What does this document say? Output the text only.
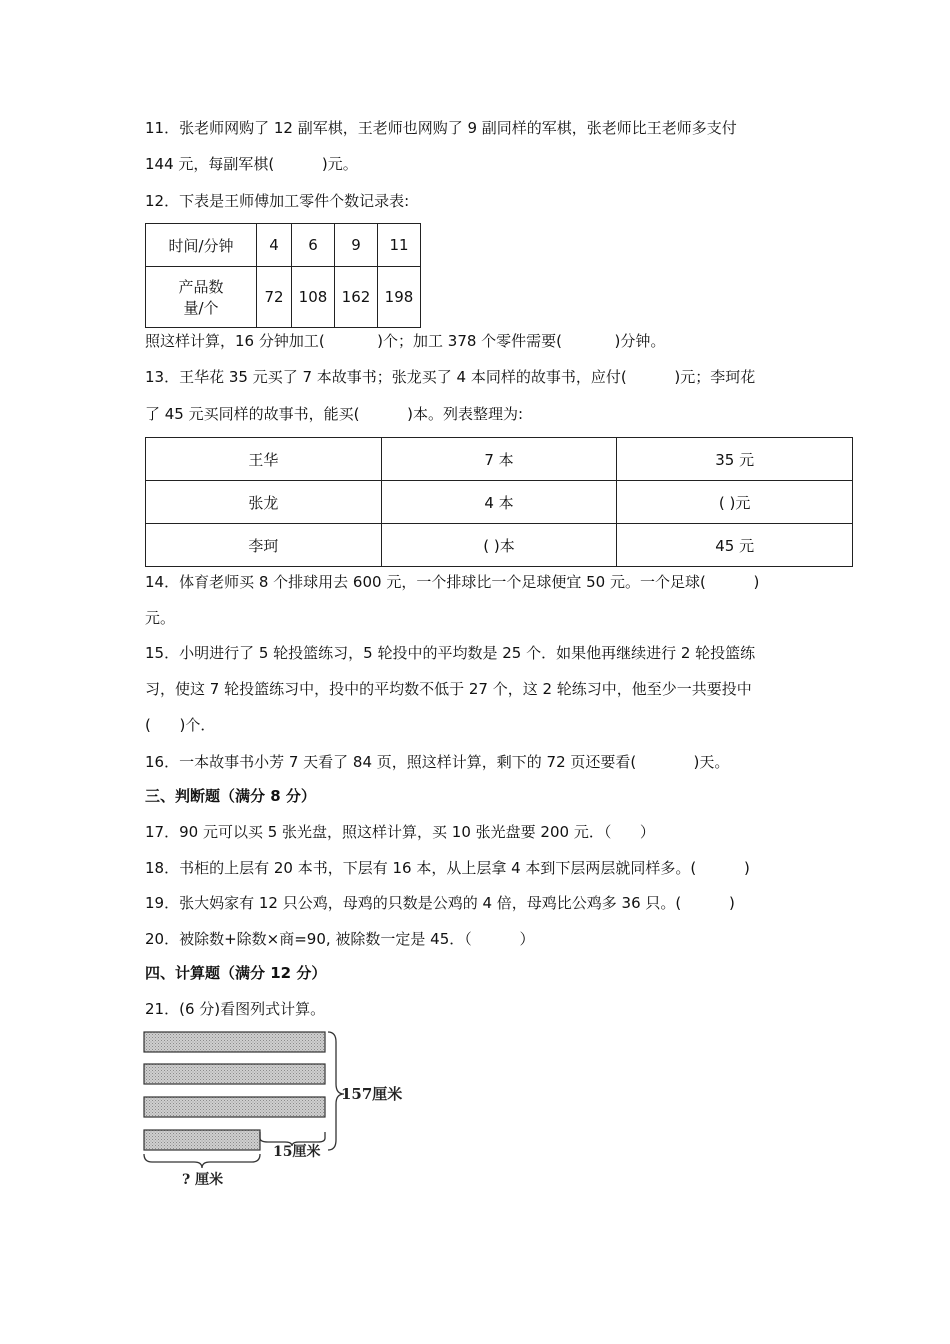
11．张老师网购了 12 副军棋，王老师也网购了 9 副同样的军棋，张老师比王老师多支付
144 元，每副军棋(          )元。
12．下表是王师傅加工零件个数记录表:
时间/分钟	4	6	9	11

产品数
量/个	72	108	162	198
照这样计算，16 分钟加工(           )个；加工 378 个零件需要(           )分钟。
13．王华花 35 元买了 7 本故事书；张龙买了 4 本同样的故事书，应付(          )元；李珂花
了 45 元买同样的故事书，能买(          )本。列表整理为:
王华	7 本	35 元
张龙	4 本	( )元
李珂	( )本	45 元
14．体育老师买 8 个排球用去 600 元，一个排球比一个足球便宜 50 元。一个足球(          )
元。
15．小明进行了 5 轮投篮练习，5 轮投中的平均数是 25 个．如果他再继续进行 2 轮投篮练
习，使这 7 轮投篮练习中，投中的平均数不低于 27 个，这 2 轮练习中，他至少一共要投中
(      )个．
16．一本故事书小芳 7 天看了 84 页，照这样计算，剩下的 72 页还要看(            )天。
三、判断题（满分 8 分）
17．90 元可以买 5 张光盘，照这样计算，买 10 张光盘要 200 元．（      ）
18．书柜的上层有 20 本书，下层有 16 本，从上层拿 4 本到下层两层就同样多。(          )
19．张大妈家有 12 只公鸡，母鸡的只数是公鸡的 4 倍，母鸡比公鸡多 36 只。(          )
20．被除数+除数×商=90, 被除数一定是 45．（          ）
四、计算题（满分 12 分）
21．(6 分)看图列式计算。
157厘米
15厘米
? 厘米
